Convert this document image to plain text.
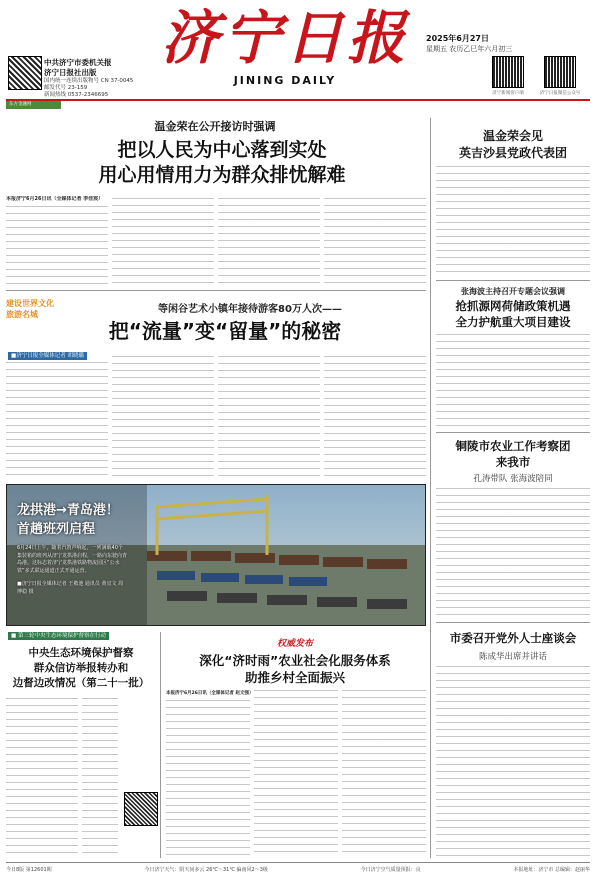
中共济宁市委机关报
济宁日报社出版
国内统一连续出版物号 CN 37-0045
邮发代号 23-159
新闻热线 0537-2346695
济宁日报
JINING DAILY
2025年6月27日
星期五 农历乙巳年六月初三
济宁新闻客户端	济宁日报微信公众号
东方金融网 www.jnfin.com
温金荣在公开接访时强调
把以人民为中心落到实处
用心用情用力为群众排忧解难
本报济宁6月26日讯（全媒体记者 李佳宸）
建设世界文化旅游名城	等闲谷艺术小镇年接待游客80万人次——
把“流量”变“留量”的秘密
■济宁日报全媒体记者 胡晓璐
龙拱港→青岛港！
首趟班列启程
6月24日上午，随着汽笛声响起，一列满载40个集装箱的班列从济宁龙拱港启程，一路向东驶向青岛港。这标志着济宁龙拱港铁路物流园区“公水铁”多式联运通道正式开通运营。
■济宁日报全媒体记者 王敬池 通讯员 黄宜文 周博稳 摄
■ 第三轮中央生态环境保护督察在行动
中央生态环境保护督察
群众信访举报转办和
边督边改情况（第二十一批）
权威发布
深化“济时雨”农业社会化服务体系
助推乡村全面振兴
本报济宁6月26日讯（全媒体记者 赵文强）
温金荣会见
英吉沙县党政代表团
张海波主持召开专题会议强调
抢抓源网荷储政策机遇
全力护航重大项目建设
铜陵市农业工作考察团
来我市
孔涛带队 张海波陪同
市委召开党外人士座谈会
陈成华出席并讲话
今日8版 第12601期	今日济宁天气：阴天间多云 26℃～31℃ 偏南风2～3级	今日济宁空气质量预报：良	本报地址：济宁市 总编辑：赵丽华
